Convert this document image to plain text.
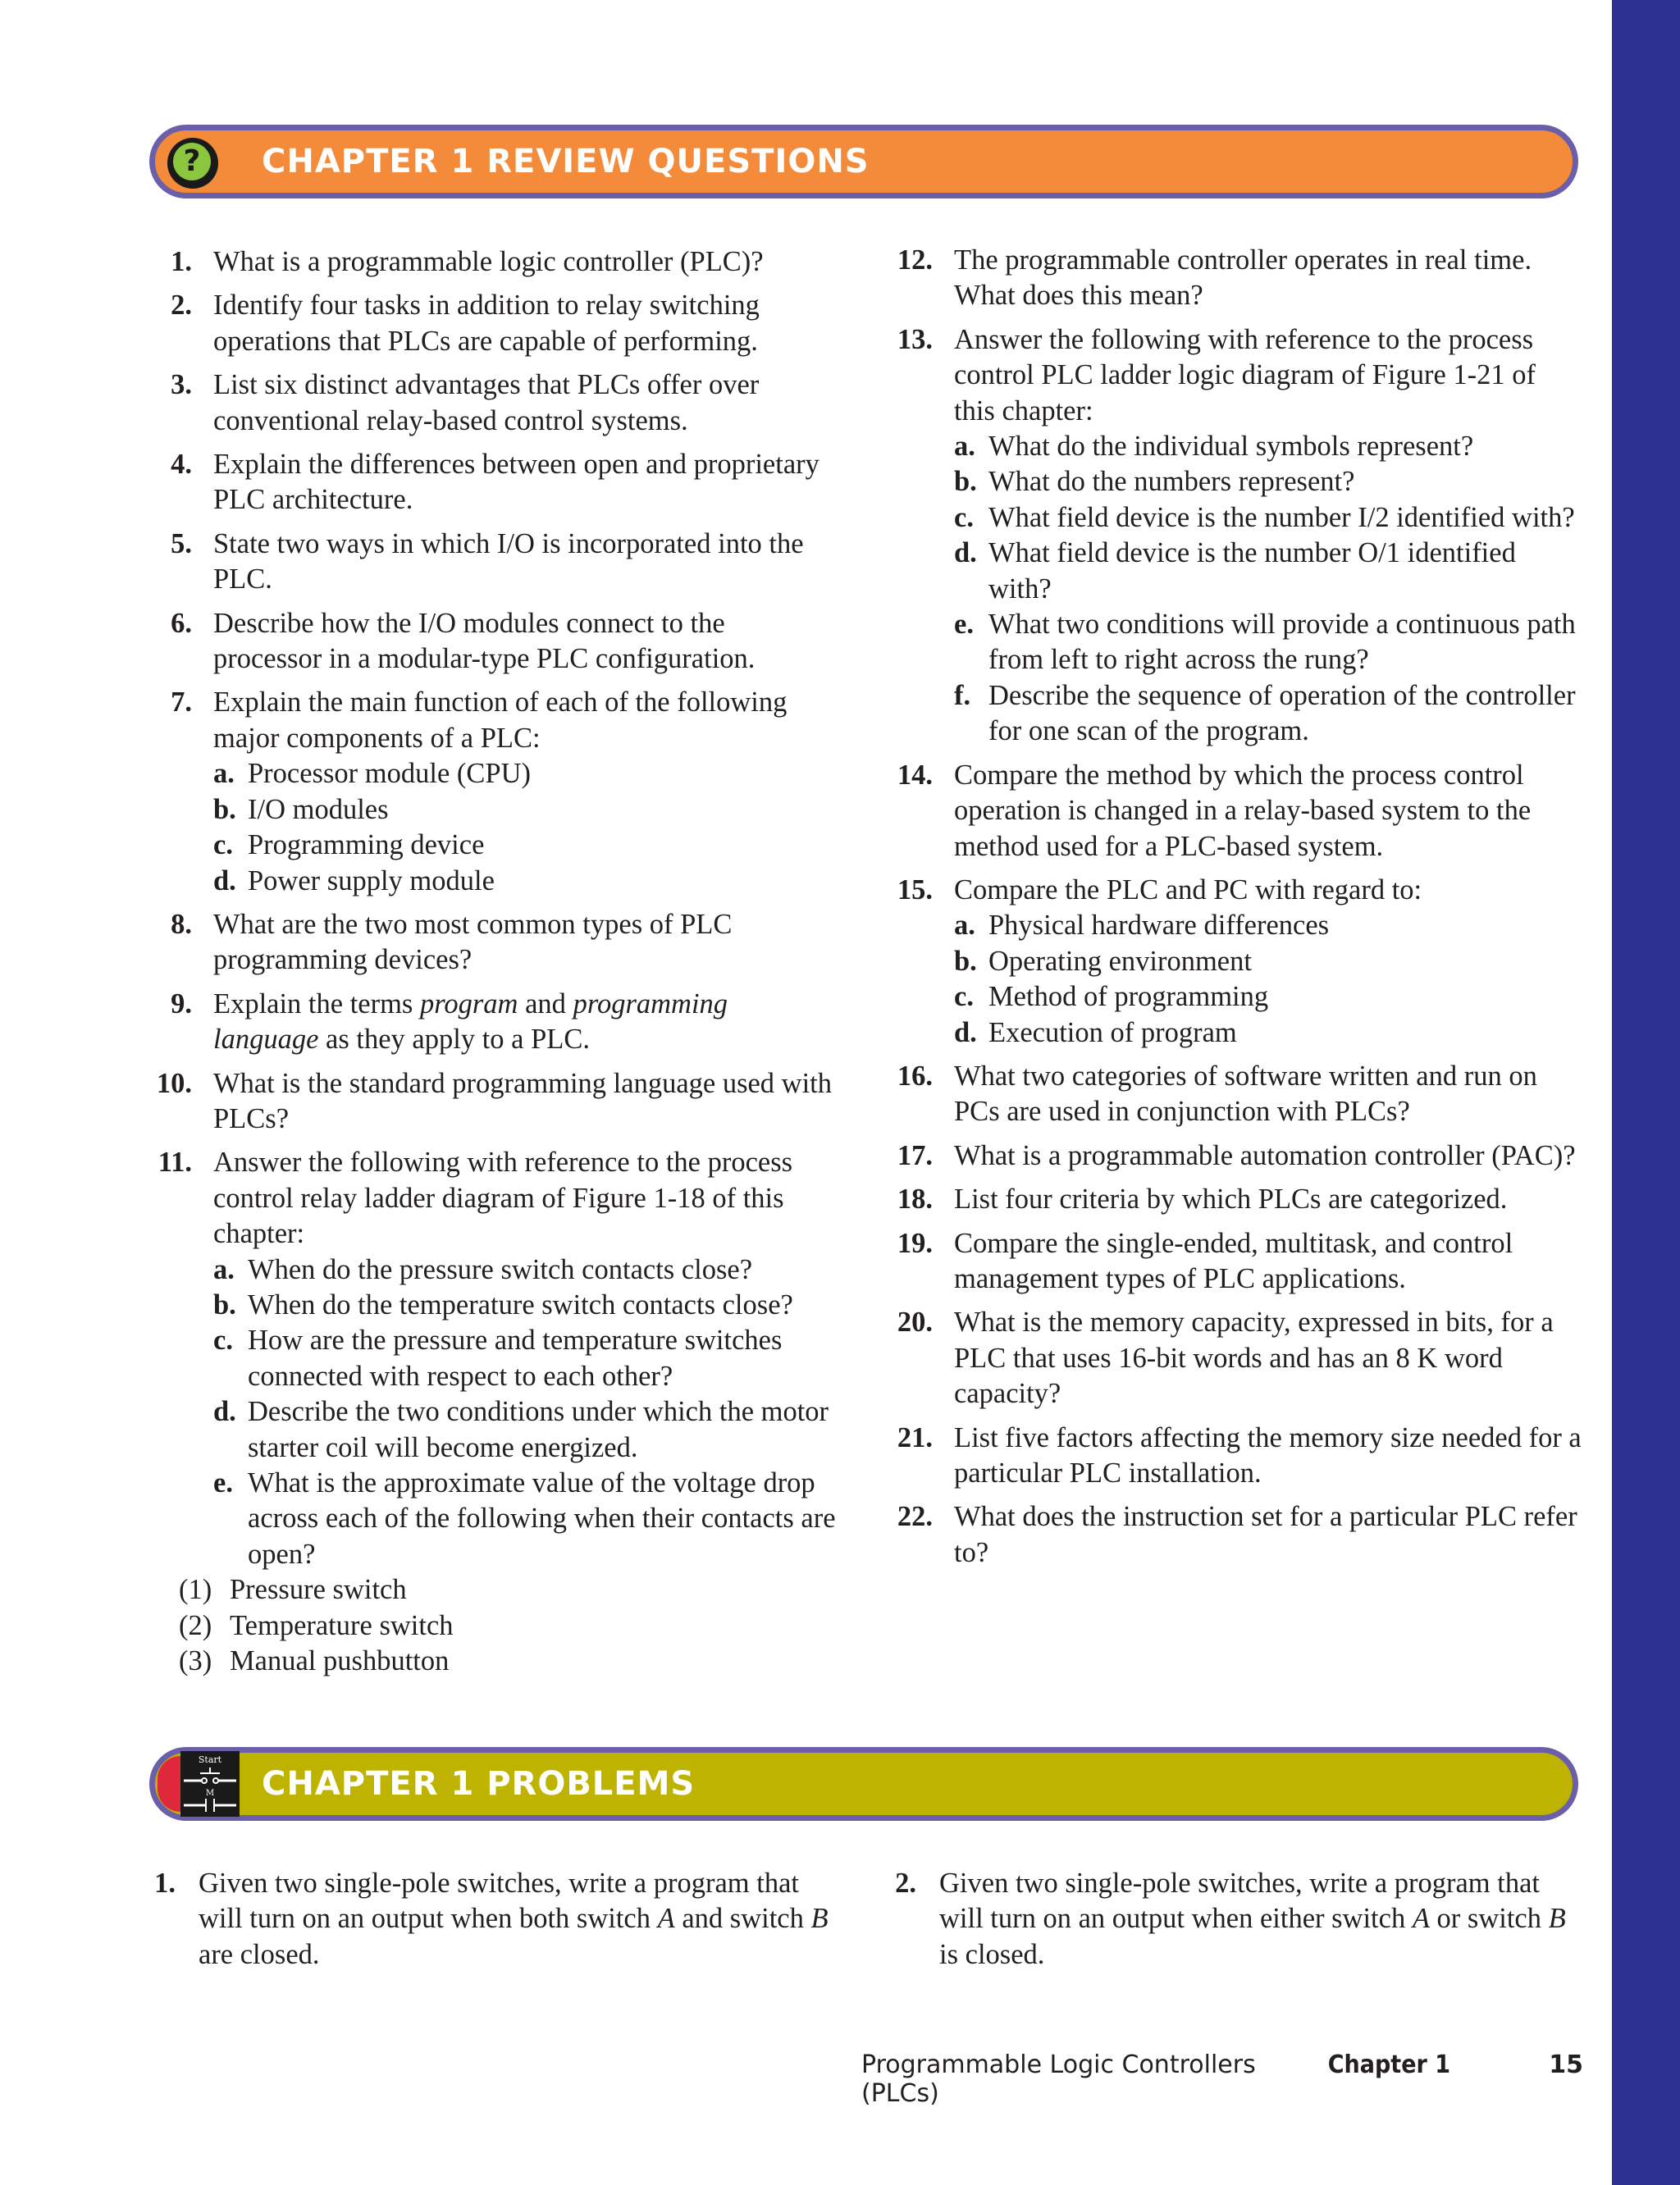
?	CHAPTER 1 REVIEW QUESTIONS
1. What is a programmable logic controller (PLC)?
2. Identify four tasks in addition to relay switching operations that PLCs are capable of performing.
3. List six distinct advantages that PLCs offer over conventional relay-based control systems.
4. Explain the differences between open and proprietary PLC architecture.
5. State two ways in which I/O is incorporated into the PLC.
6. Describe how the I/O modules connect to the processor in a modular-type PLC configuration.
7. Explain the main function of each of the following major components of a PLC:
a. Processor module (CPU)
b. I/O modules
c. Programming device
d. Power supply module
8. What are the two most common types of PLC programming devices?
9. Explain the terms program and programming language as they apply to a PLC.
10. What is the standard programming language used with PLCs?
11. Answer the following with reference to the process control relay ladder diagram of Figure 1-18 of this chapter:
a. When do the pressure switch contacts close?
b. When do the temperature switch contacts close?
c. How are the pressure and temperature switches connected with respect to each other?
d. Describe the two conditions under which the motor starter coil will become energized.
e. What is the approximate value of the voltage drop across each of the following when their contacts are open?
(1) Pressure switch
(2) Temperature switch
(3) Manual pushbutton
12. The programmable controller operates in real time. What does this mean?
13. Answer the following with reference to the process control PLC ladder logic diagram of Figure 1-21 of this chapter:
a. What do the individual symbols represent?
b. What do the numbers represent?
c. What field device is the number I/2 identified with?
d. What field device is the number O/1 identified with?
e. What two conditions will provide a continuous path from left to right across the rung?
f. Describe the sequence of operation of the controller for one scan of the program.
14. Compare the method by which the process control operation is changed in a relay-based system to the method used for a PLC-based system.
15. Compare the PLC and PC with regard to:
a. Physical hardware differences
b. Operating environment
c. Method of programming
d. Execution of program
16. What two categories of software written and run on PCs are used in conjunction with PLCs?
17. What is a programmable automation controller (PAC)?
18. List four criteria by which PLCs are categorized.
19. Compare the single-ended, multitask, and control management types of PLC applications.
20. What is the memory capacity, expressed in bits, for a PLC that uses 16-bit words and has an 8 K word capacity?
21. List five factors affecting the memory size needed for a particular PLC installation.
22. What does the instruction set for a particular PLC refer to?
Start
M CHAPTER 1 PROBLEMS
1. Given two single-pole switches, write a program that will turn on an output when both switch A and switch B are closed.
2. Given two single-pole switches, write a program that will turn on an output when either switch A or switch B is closed.
Programmable Logic Controllers (PLCs)
Chapter 1	15
